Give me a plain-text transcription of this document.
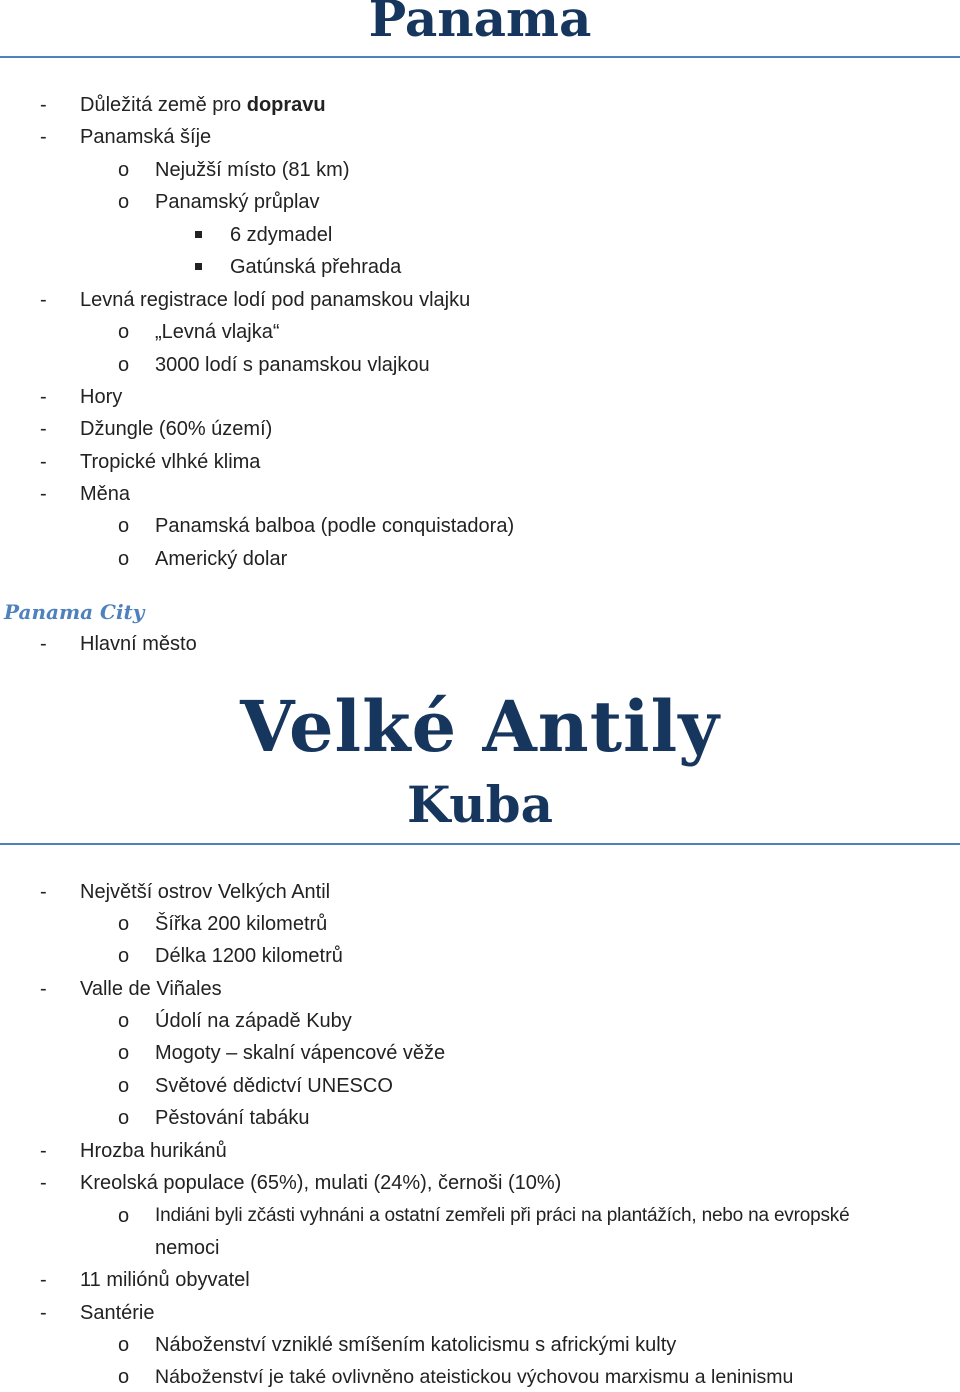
Panama
- Důležitá země pro dopravu
- Panamská šíje
o Nejužší místo (81 km)
o Panamský průplav
6 zdymadel
Gatúnská přehrada
- Levná registrace lodí pod panamskou vlajku
o „Levná vlajka“
o 3000 lodí s panamskou vlajkou
- Hory
- Džungle (60% území)
- Tropické vlhké klima
- Měna
o Panamská balboa (podle conquistadora)
o Americký dolar
Panama City
- Hlavní město
Velké Antily
Kuba
- Největší ostrov Velkých Antil
o Šířka 200 kilometrů
o Délka 1200 kilometrů
- Valle de Viñales
o Údolí na západě Kuby
o Mogoty – skalní vápencové věže
o Světové dědictví UNESCO
o Pěstování tabáku
- Hrozba hurikánů
- Kreolská populace (65%), mulati (24%), černoši (10%)
o Indiáni byli zčásti vyhnáni a ostatní zemřeli při práci na plantážích, nebo na evropské
nemoci
- 11 miliónů obyvatel
- Santérie
o Náboženství vzniklé smíšením katolicismu s africkými kulty
o Náboženství je také ovlivněno ateistickou výchovou marxismu a leninismu
